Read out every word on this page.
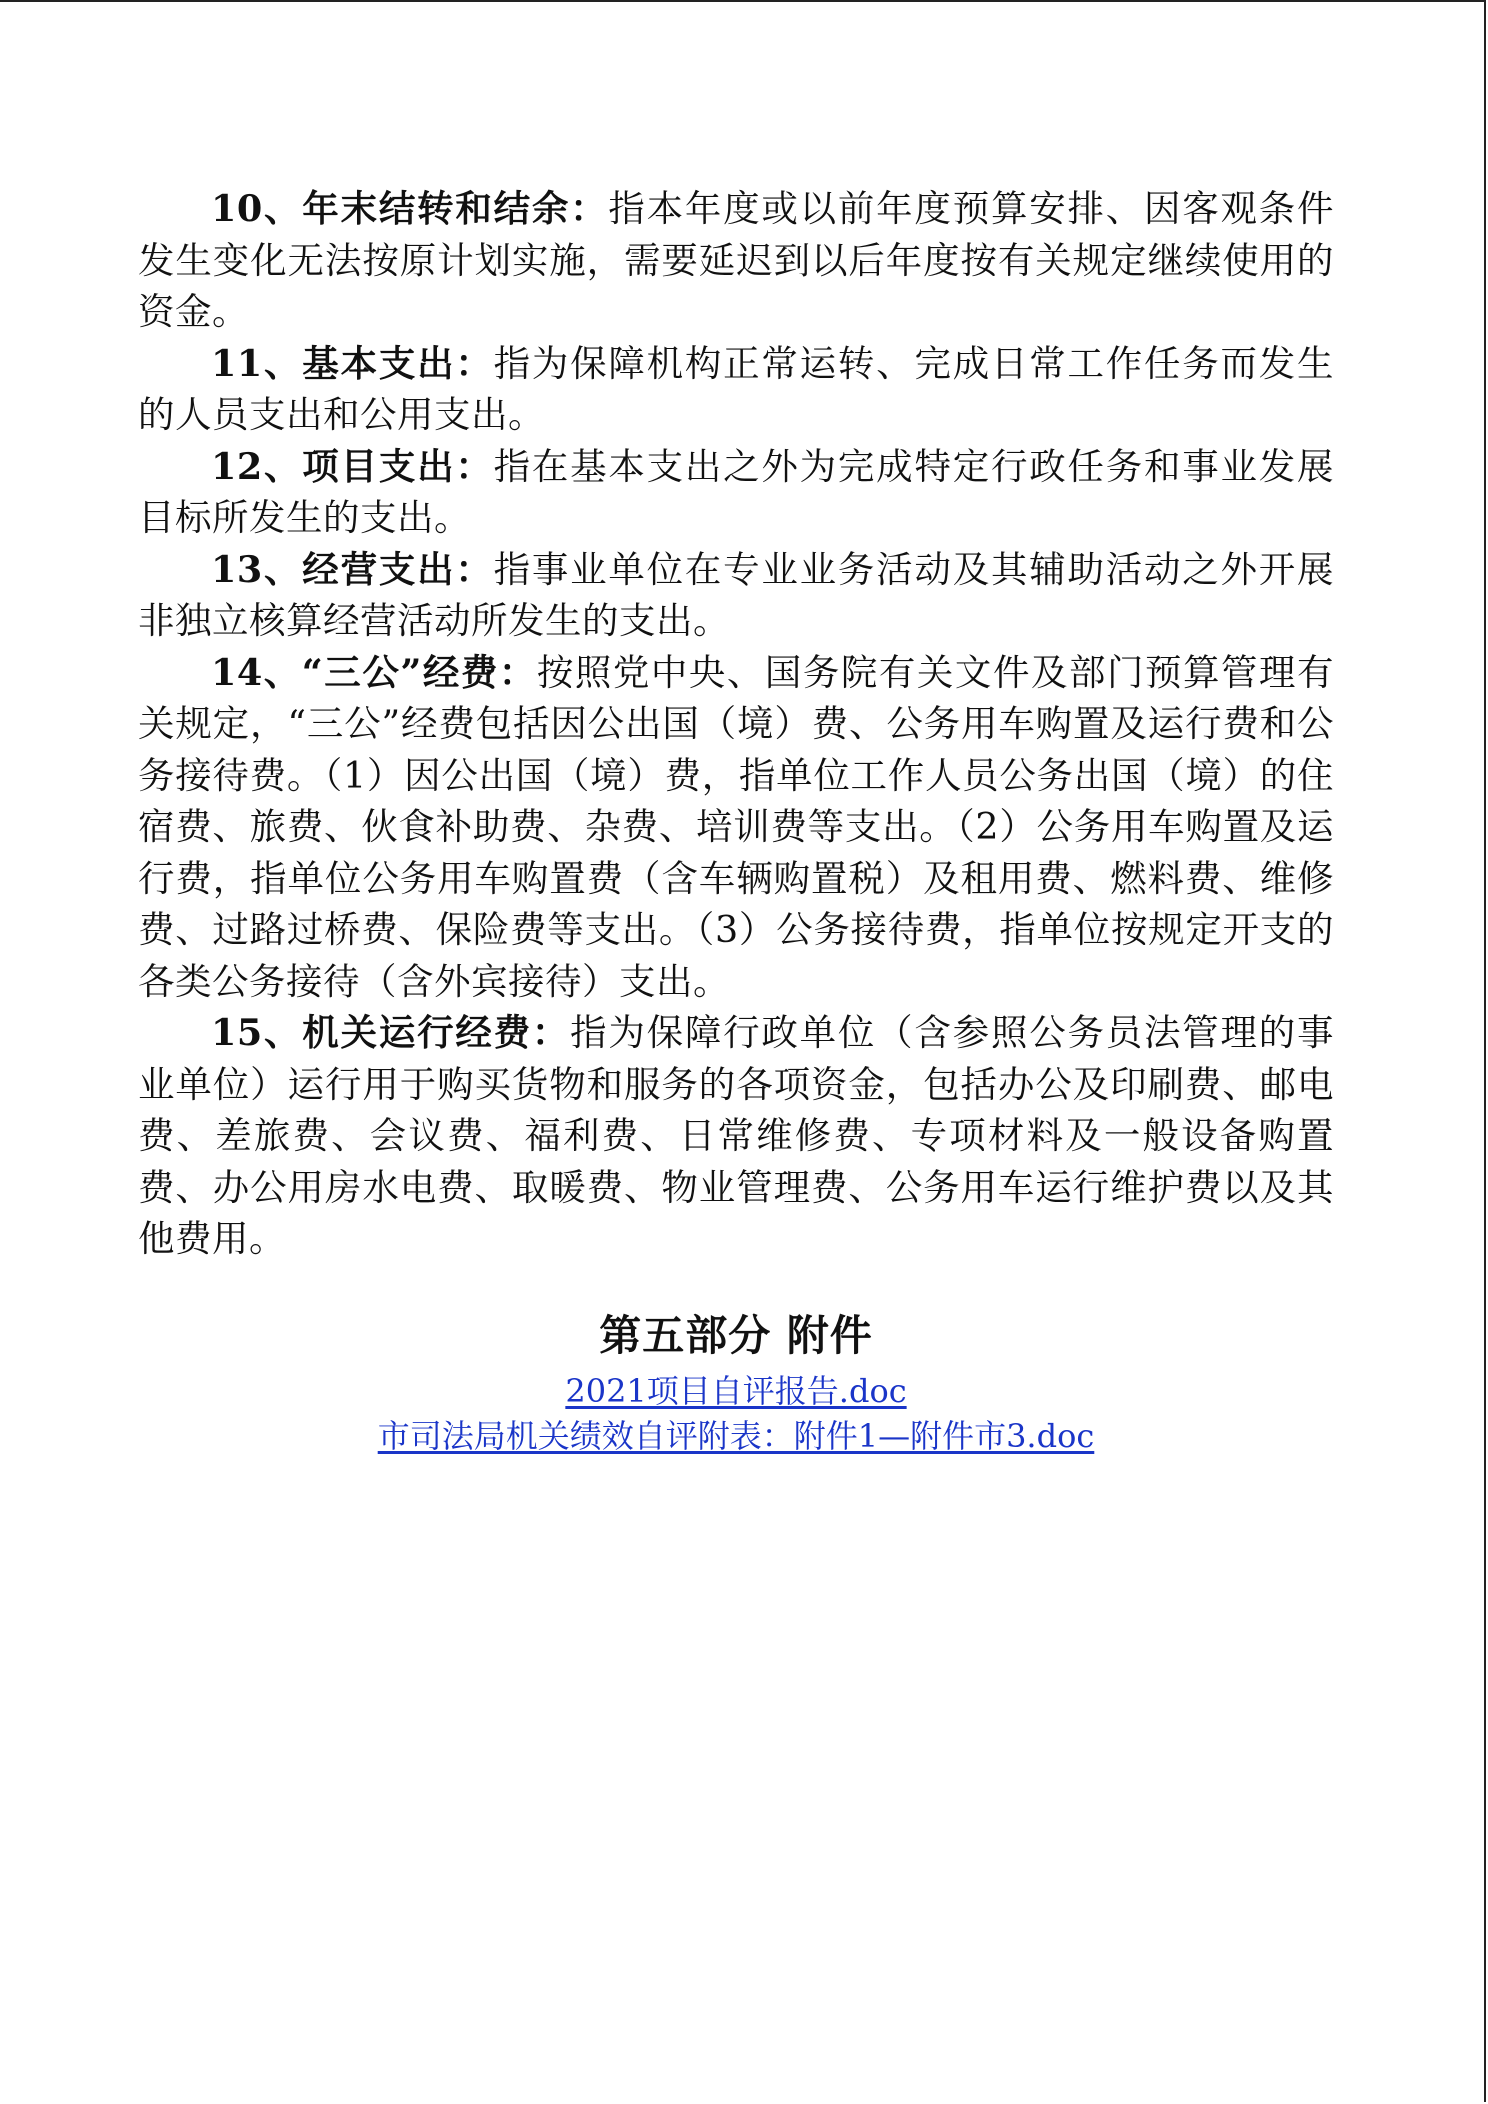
10、年末结转和结余：指本年度或以前年度预算安排、因客观条件发生变化无法按原计划实施，需要延迟到以后年度按有关规定继续使用的资金。

11、基本支出：指为保障机构正常运转、完成日常工作任务而发生的人员支出和公用支出。

12、项目支出：指在基本支出之外为完成特定行政任务和事业发展目标所发生的支出。

13、经营支出：指事业单位在专业业务活动及其辅助活动之外开展非独立核算经营活动所发生的支出。

14、“三公”经费：按照党中央、国务院有关文件及部门预算管理有关规定，“三公”经费包括因公出国（境）费、公务用车购置及运行费和公务接待费。（1）因公出国（境）费，指单位工作人员公务出国（境）的住宿费、旅费、伙食补助费、杂费、培训费等支出。（2）公务用车购置及运行费，指单位公务用车购置费（含车辆购置税）及租用费、燃料费、维修费、过路过桥费、保险费等支出。（3）公务接待费，指单位按规定开支的各类公务接待（含外宾接待）支出。

15、机关运行经费：指为保障行政单位（含参照公务员法管理的事业单位）运行用于购买货物和服务的各项资金，包括办公及印刷费、邮电费、差旅费、会议费、福利费、日常维修费、专项材料及一般设备购置费、办公用房水电费、取暖费、物业管理费、公务用车运行维护费以及其他费用。

第五部分 附件
2021项目自评报告.doc
市司法局机关绩效自评附表：附件1—附件市3.doc
